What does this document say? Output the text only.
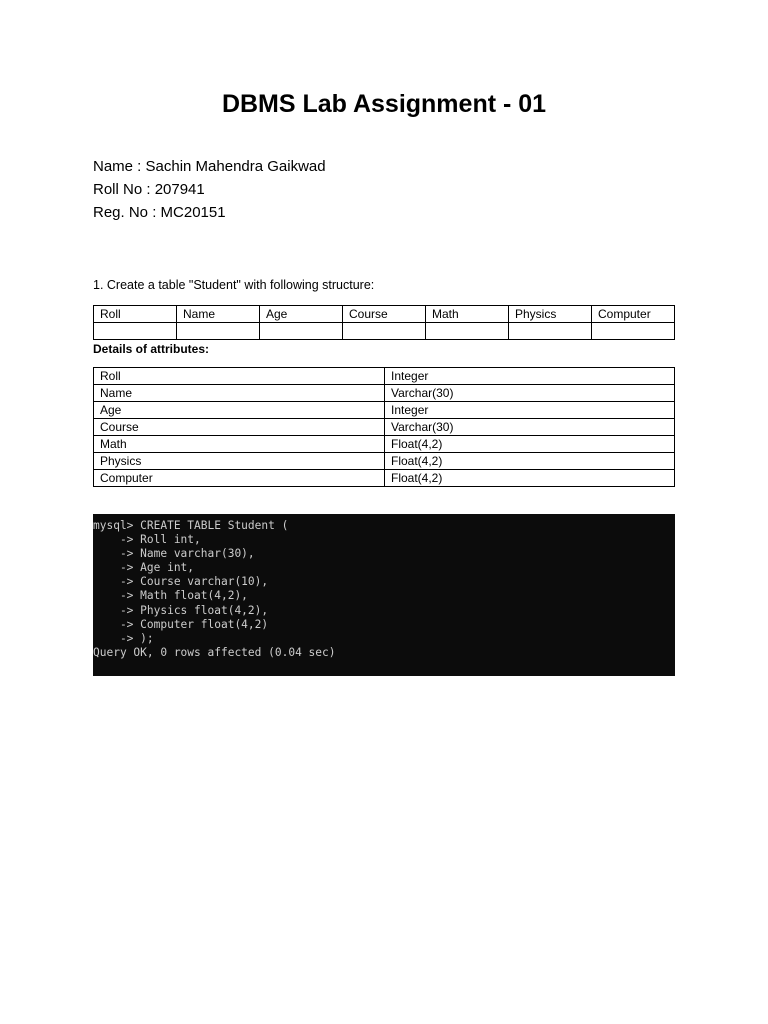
DBMS Lab Assignment - 01
Name : Sachin Mahendra Gaikwad
Roll No : 207941
Reg. No : MC20151
1. Create a table "Student" with following structure:
Roll	Name	Age	Course	Math	Physics	Computer

Details of attributes:
Roll	Integer
Name	Varchar(30)
Age	Integer
Course	Varchar(30)
Math	Float(4,2)
Physics	Float(4,2)
Computer	Float(4,2)
mysql> CREATE TABLE Student (
-> Roll int,
-> Name varchar(30),
-> Age int,
-> Course varchar(10),
-> Math float(4,2),
-> Physics float(4,2),
-> Computer float(4,2)
-> );
Query OK, 0 rows affected (0.04 sec)
